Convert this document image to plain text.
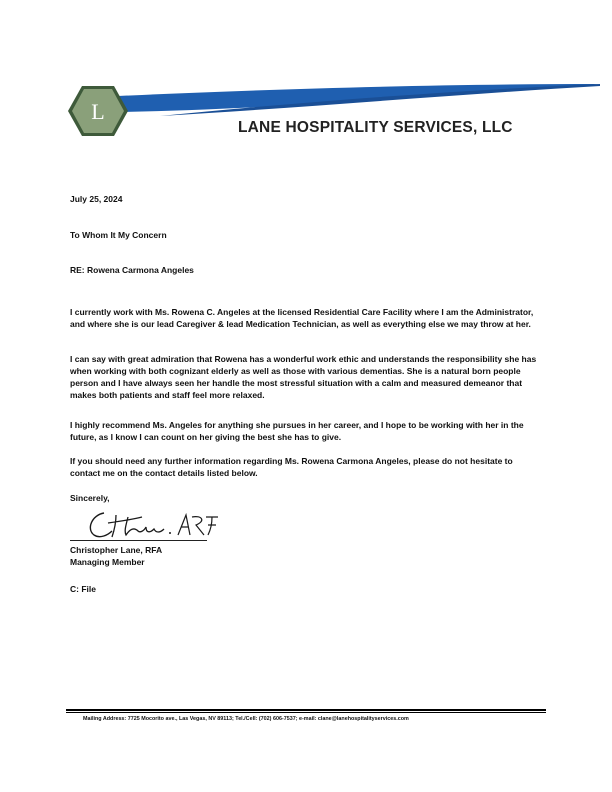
L
LANE HOSPITALITY SERVICES, LLC
July 25, 2024
To Whom It My Concern
RE: Rowena Carmona Angeles
I currently work with Ms. Rowena C. Angeles at the licensed Residential Care Facility where I am the Administrator, and where she is our lead Caregiver & lead Medication Technician, as well as everything else we may throw at her.
I can say with great admiration that Rowena has a wonderful work ethic and understands the responsibility she has when working with both cognizant elderly as well as those with various dementias. She is a natural born people person and I have always seen her handle the most stressful situation with a calm and measured demeanor that makes both patients and staff feel more relaxed.
I highly recommend Ms. Angeles for anything she pursues in her career, and I hope to be working with her in the future, as I know I can count on her giving the best she has to give.
If you should need any further information regarding Ms. Rowena Carmona Angeles, please do not hesitate to contact me on the contact details listed below.
Sincerely,
Christopher Lane, RFA
Managing Member
C: File
Mailing Address: 7725 Mocorito ave., Las Vegas, NV 89113; Tel./Cell: (702) 606-7537; e-mail: clane@lanehospitalityservices.com
